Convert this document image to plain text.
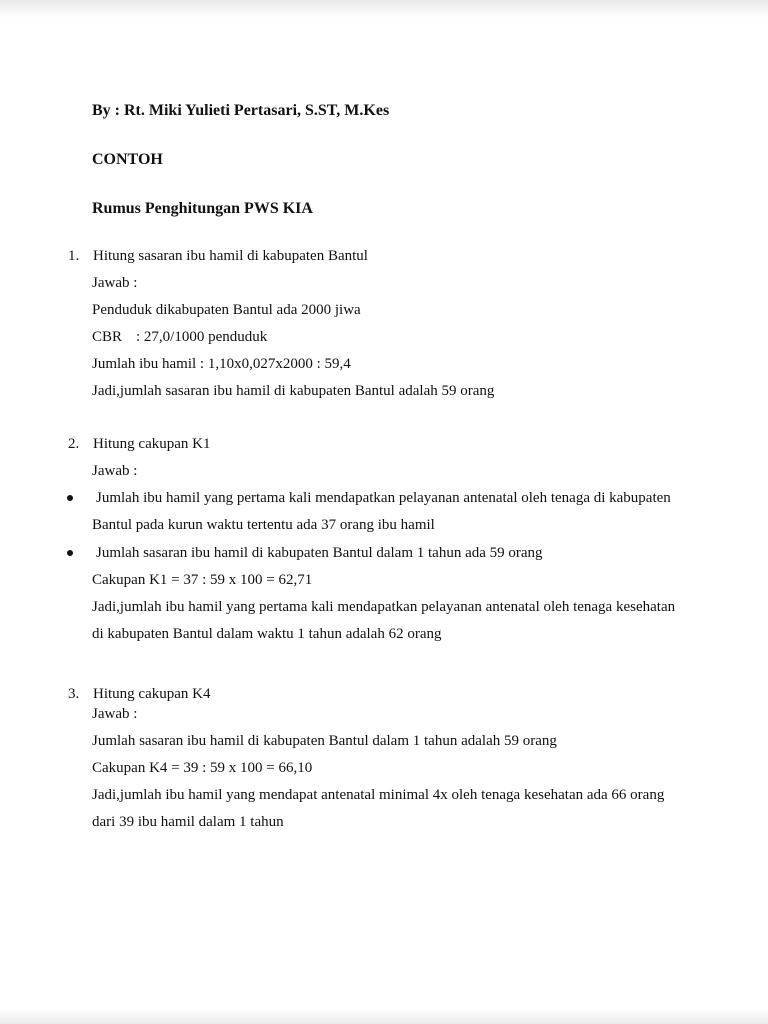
By : Rt. Miki Yulieti Pertasari, S.ST, M.Kes
CONTOH
Rumus Penghitungan PWS KIA
1. Hitung sasaran ibu hamil di kabupaten Bantul
Jawab :
Penduduk dikabupaten Bantul ada 2000 jiwa
CBR : 27,0/1000 penduduk
Jumlah ibu hamil : 1,10x0,027x2000 : 59,4
Jadi,jumlah sasaran ibu hamil di kabupaten Bantul adalah 59 orang
2. Hitung cakupan K1
Jawab :
Jumlah ibu hamil yang pertama kali mendapatkan pelayanan antenatal oleh tenaga di kabupaten
Bantul pada kurun waktu tertentu ada 37 orang ibu hamil
Jumlah sasaran ibu hamil di kabupaten Bantul dalam 1 tahun ada 59 orang
Cakupan K1 = 37 : 59 x 100 = 62,71
Jadi,jumlah ibu hamil yang pertama kali mendapatkan pelayanan antenatal oleh tenaga kesehatan
di kabupaten Bantul dalam waktu 1 tahun adalah 62 orang
3. Hitung cakupan K4
Jawab :
Jumlah sasaran ibu hamil di kabupaten Bantul dalam 1 tahun adalah 59 orang
Cakupan K4 = 39 : 59 x 100 = 66,10
Jadi,jumlah ibu hamil yang mendapat antenatal minimal 4x oleh tenaga kesehatan ada 66 orang
dari 39 ibu hamil dalam 1 tahun
